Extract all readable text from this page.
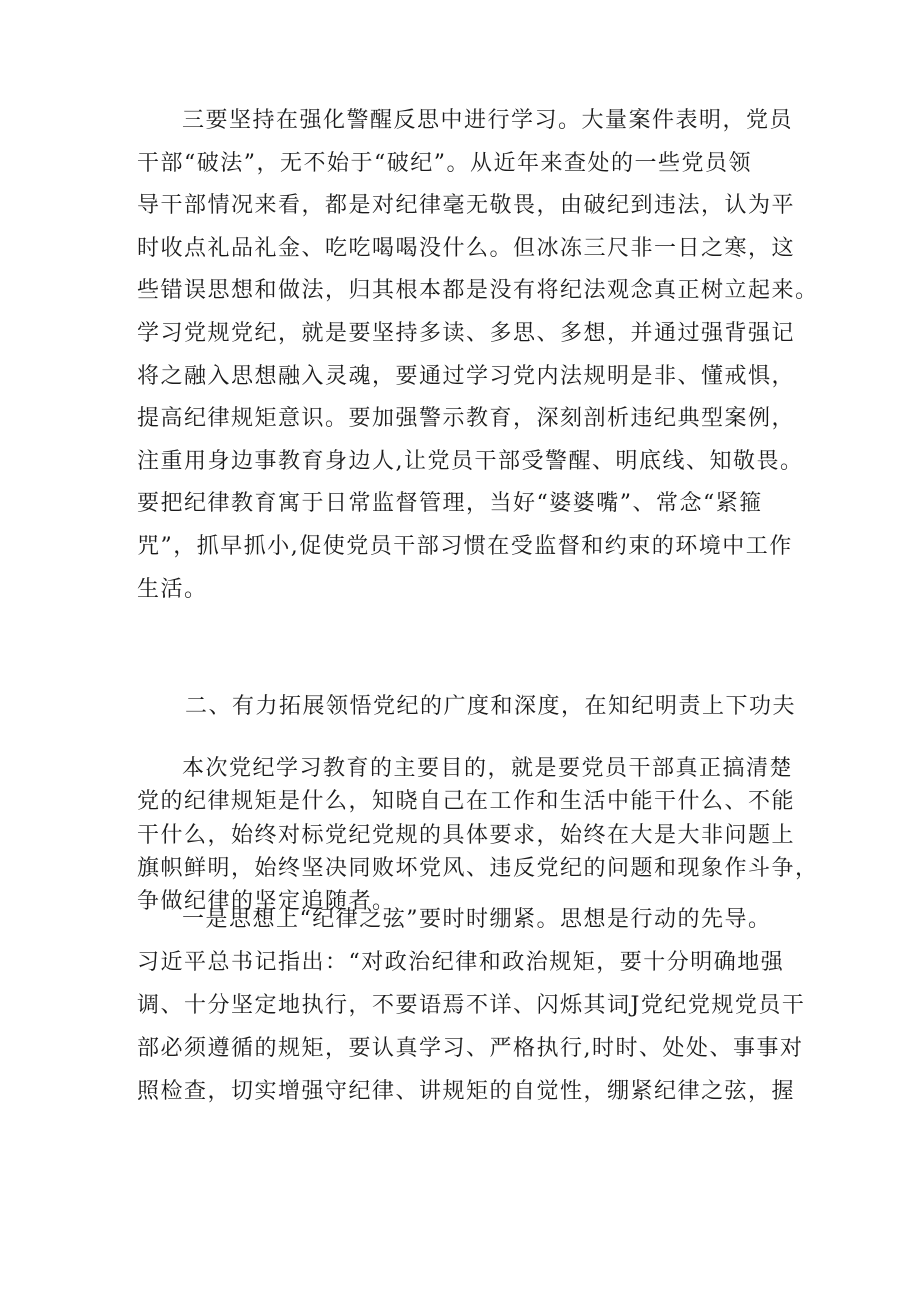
三要坚持在强化警醒反思中进行学习。大量案件表明，党员
干部“破法”，无不始于“破纪”。从近年来查处的一些党员领
导干部情况来看，都是对纪律毫无敬畏，由破纪到违法，认为平
时收点礼品礼金、吃吃喝喝没什么。但冰冻三尺非一日之寒，这
些错误思想和做法，归其根本都是没有将纪法观念真正树立起来。
学习党规党纪，就是要坚持多读、多思、多想，并通过强背强记
将之融入思想融入灵魂，要通过学习党内法规明是非、懂戒惧，
提高纪律规矩意识。要加强警示教育，深刻剖析违纪典型案例，
注重用身边事教育身边人,让党员干部受警醒、明底线、知敬畏。
要把纪律教育寓于日常监督管理，当好“婆婆嘴”、常念“紧箍
咒”，抓早抓小,促使党员干部习惯在受监督和约束的环境中工作
生活。

二、有力拓展领悟党纪的广度和深度，在知纪明责上下功夫

本次党纪学习教育的主要目的，就是要党员干部真正搞清楚
党的纪律规矩是什么，知晓自己在工作和生活中能干什么、不能
干什么，始终对标党纪党规的具体要求，始终在大是大非问题上
旗帜鲜明，始终坚决同败坏党风、违反党纪的问题和现象作斗争，
争做纪律的坚定追随者。

一是思想上“纪律之弦”要时时绷紧。思想是行动的先导。
习近平总书记指出：“对政治纪律和政治规矩，要十分明确地强
调、十分坚定地执行，不要语焉不详、闪烁其词J党纪党规党员干
部必须遵循的规矩，要认真学习、严格执行,时时、处处、事事对
照检查，切实增强守纪律、讲规矩的自觉性，绷紧纪律之弦，握
